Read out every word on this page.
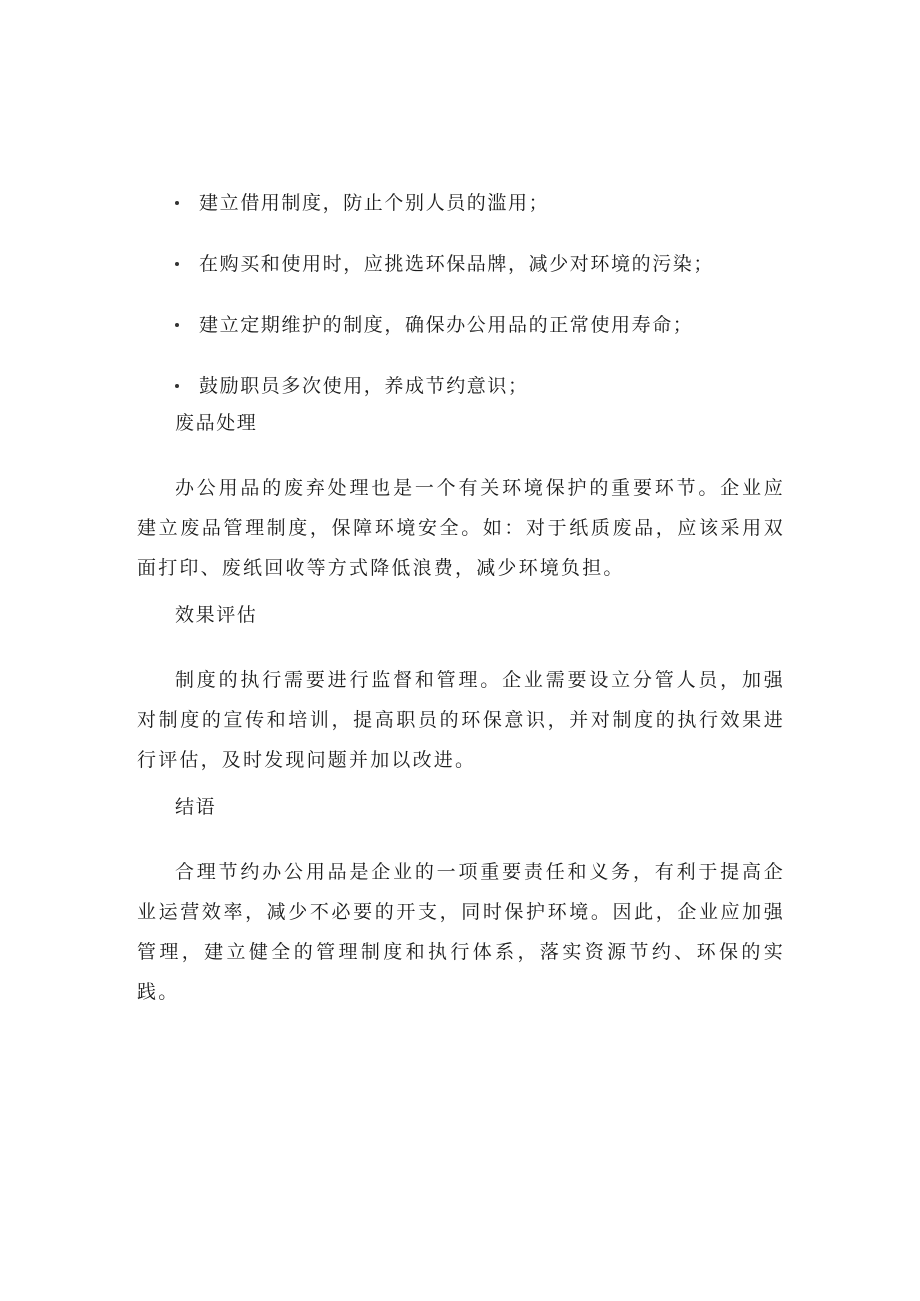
建立借用制度，防止个别人员的滥用；
在购买和使用时，应挑选环保品牌，减少对环境的污染；
建立定期维护的制度，确保办公用品的正常使用寿命；
鼓励职员多次使用，养成节约意识；
废品处理

办公用品的废弃处理也是一个有关环境保护的重要环节。企业应建立废品管理制度，保障环境安全。如：对于纸质废品，应该采用双面打印、废纸回收等方式降低浪费，减少环境负担。

效果评估

制度的执行需要进行监督和管理。企业需要设立分管人员，加强对制度的宣传和培训，提高职员的环保意识，并对制度的执行效果进行评估，及时发现问题并加以改进。

结语

合理节约办公用品是企业的一项重要责任和义务，有利于提高企业运营效率，减少不必要的开支，同时保护环境。因此，企业应加强管理，建立健全的管理制度和执行体系，落实资源节约、环保的实践。
